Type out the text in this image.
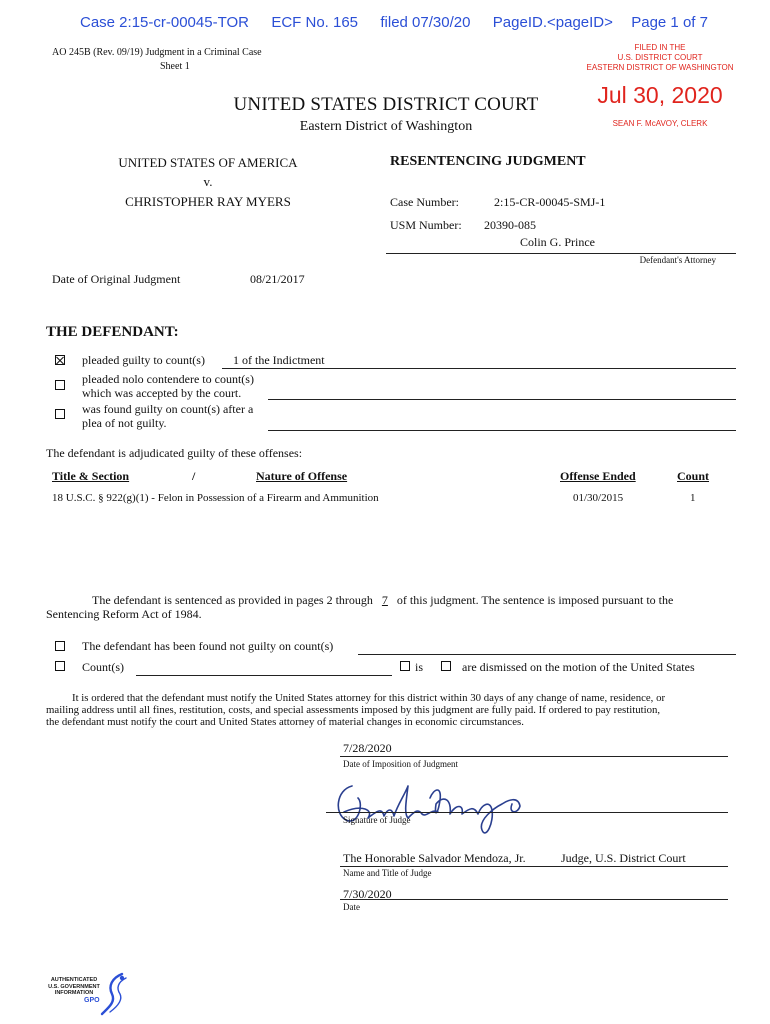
Case 2:15-cr-00045-TOR ECF No. 165 filed 07/30/20 PageID.<pageID> Page 1 of 7
AO 245B (Rev. 09/19) Judgment in a Criminal Case
Sheet 1
FILED IN THE
U.S. DISTRICT COURT
EASTERN DISTRICT OF WASHINGTON
Jul 30, 2020
SEAN F. McAVOY, CLERK
UNITED STATES DISTRICT COURT
Eastern District of Washington
UNITED STATES OF AMERICA
v.
CHRISTOPHER RAY MYERS
RESENTENCING JUDGMENT
Case Number:	2:15-CR-00045-SMJ-1
USM Number: 20390-085
Colin G. Prince
Defendant's Attorney
Date of Original Judgment	08/21/2017
THE DEFENDANT:
pleaded guilty to count(s) 1 of the Indictment
pleaded nolo contendere to count(s)
which was accepted by the court.
was found guilty on count(s) after a
plea of not guilty.
The defendant is adjudicated guilty of these offenses:
Title & Section	/	Nature of Offense	Offense Ended	Count
18 U.S.C. § 922(g)(1) - Felon in Possession of a Firearm and Ammunition	01/30/2015	1
The defendant is sentenced as provided in pages 2 through 7 of this judgment. The sentence is imposed pursuant to the
Sentencing Reform Act of 1984.
The defendant has been found not guilty on count(s)
Count(s)	is	are dismissed on the motion of the United States
It is ordered that the defendant must notify the United States attorney for this district within 30 days of any change of name, residence, or
mailing address until all fines, restitution, costs, and special assessments imposed by this judgment are fully paid. If ordered to pay restitution,
the defendant must notify the court and United States attorney of material changes in economic circumstances.
7/28/2020
Date of Imposition of Judgment
Signature of Judge
The Honorable Salvador Mendoza, Jr.	Judge, U.S. District Court
Name and Title of Judge
7/30/2020
Date
AUTHENTICATED
U.S. GOVERNMENT
INFORMATION
GPO
